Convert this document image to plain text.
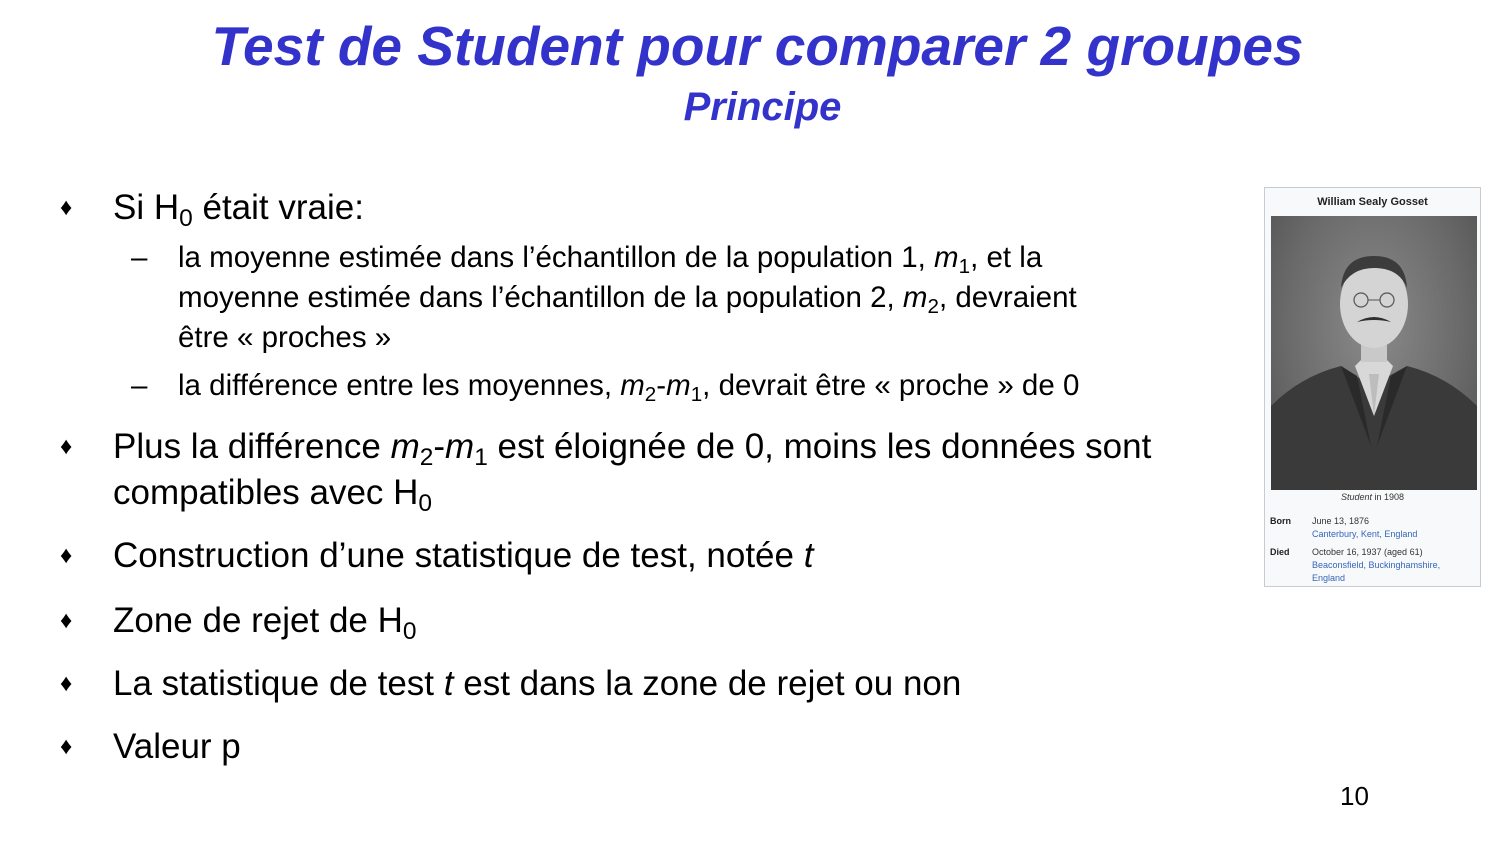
Test de Student pour comparer 2 groupes
Principe
♦ Si $H_0$ était vraie:
– la moyenne estimée dans l’échantillon de la population 1, $m_1$, et la
moyenne estimée dans l’échantillon de la population 2, $m_2$, devraient
être « proches »
– la différence entre les moyennes, $m_2-m_1$, devrait être « proche » de 0
♦ Plus la différence $m_2-m_1$ est éloignée de 0, moins les données sont
compatibles avec $H_0$
♦ Construction d’une statistique de test, notée t
♦ Zone de rejet de $H_0$
♦ La statistique de test t est dans la zone de rejet ou non
♦ Valeur p
William Sealy Gosset
Student in 1908
Born	June 13, 1876
Canterbury, Kent, England
Died	October 16, 1937 (aged 61)
Beaconsfield, Buckinghamshire,
England
10
